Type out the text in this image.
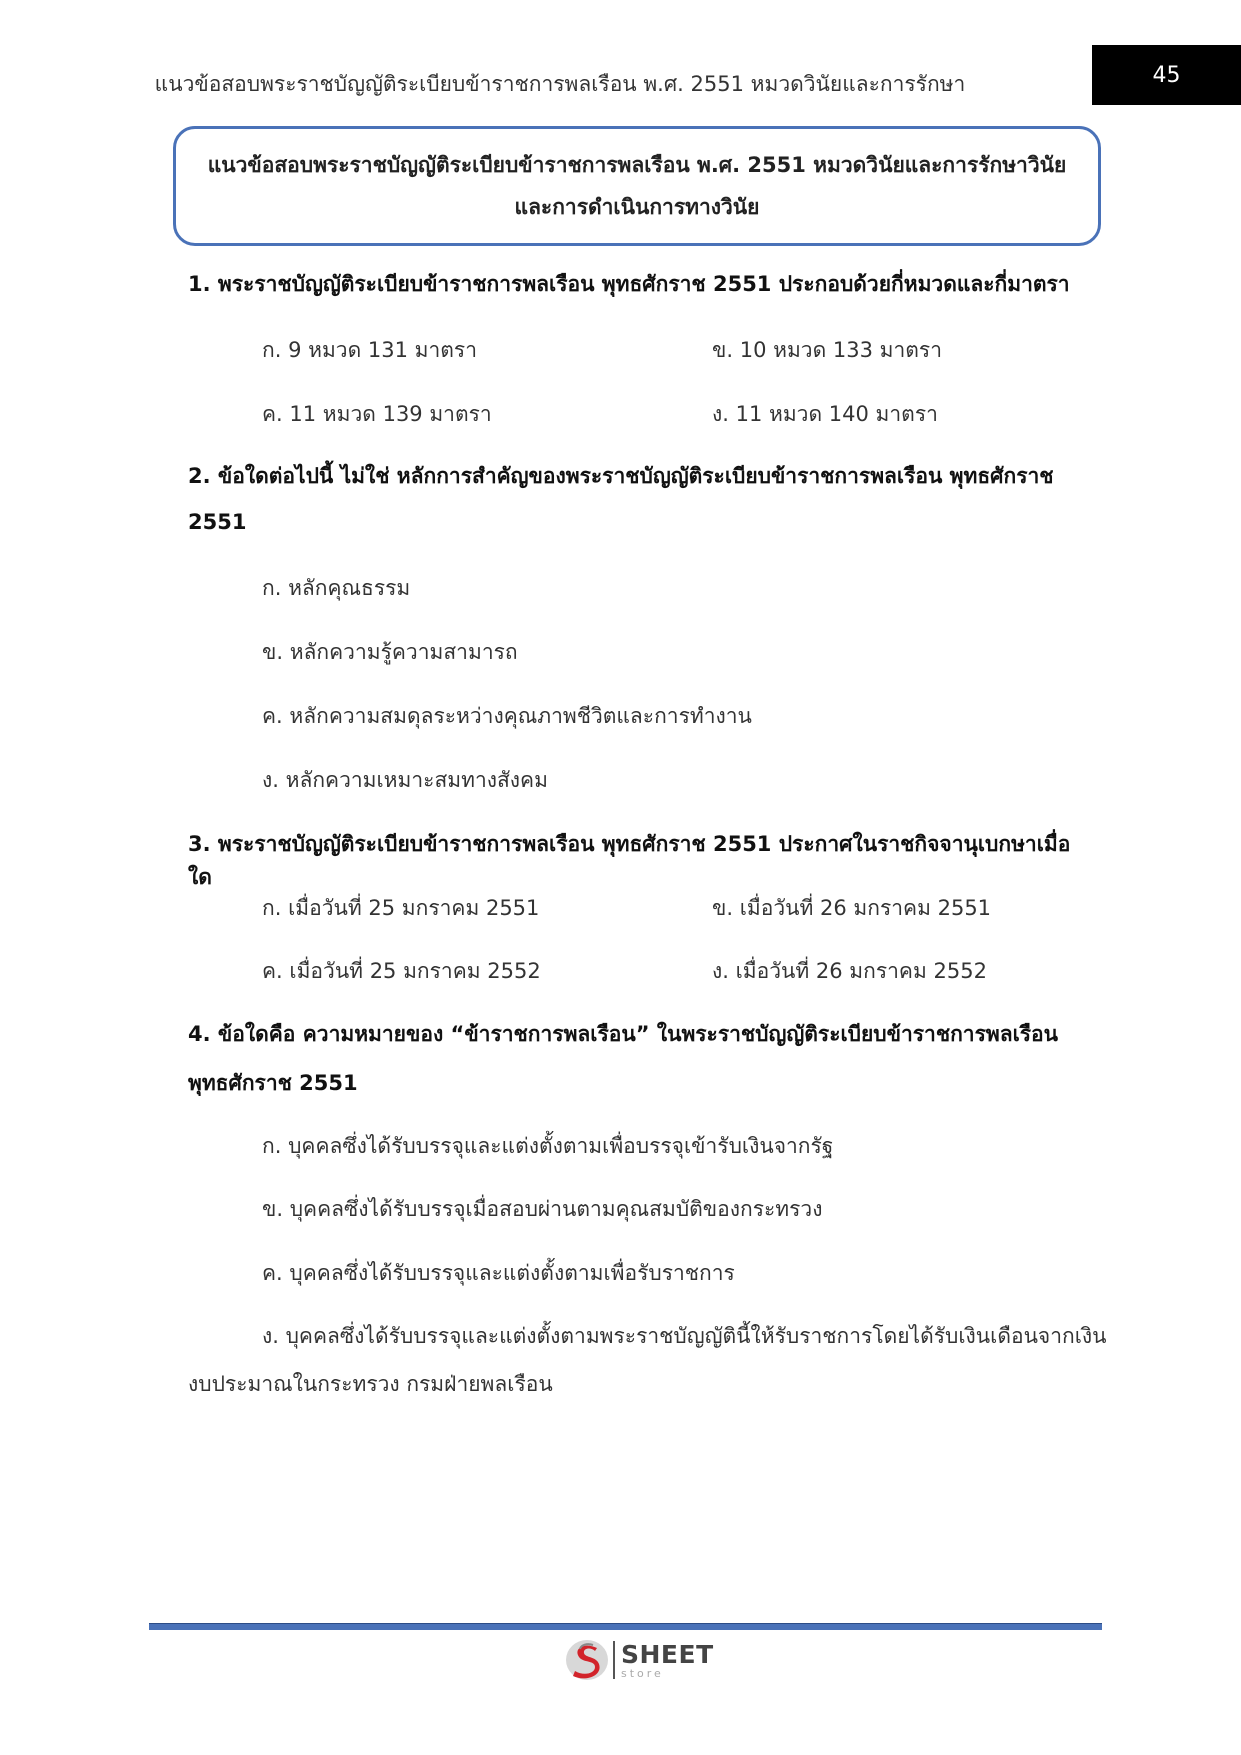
แนวข้อสอบพระราชบัญญัติระเบียบข้าราชการพลเรือน พ.ศ. 2551 หมวดวินัยและการรักษา	45
แนวข้อสอบพระราชบัญญัติระเบียบข้าราชการพลเรือน พ.ศ. 2551 หมวดวินัยและการรักษาวินัย
และการดำเนินการทางวินัย
1. พระราชบัญญัติระเบียบข้าราชการพลเรือน พุทธศักราช 2551 ประกอบด้วยกี่หมวดและกี่มาตรา
ก. 9 หมวด 131 มาตรา	ข. 10 หมวด 133 มาตรา
ค. 11 หมวด 139 มาตรา	ง. 11 หมวด 140 มาตรา
2. ข้อใดต่อไปนี้ ไม่ใช่ หลักการสำคัญของพระราชบัญญัติระเบียบข้าราชการพลเรือน พุทธศักราช
2551
ก. หลักคุณธรรม
ข. หลักความรู้ความสามารถ
ค. หลักความสมดุลระหว่างคุณภาพชีวิตและการทำงาน
ง. หลักความเหมาะสมทางสังคม
3. พระราชบัญญัติระเบียบข้าราชการพลเรือน พุทธศักราช 2551 ประกาศในราชกิจจานุเบกษาเมื่อใด
ก. เมื่อวันที่ 25 มกราคม 2551	ข. เมื่อวันที่ 26 มกราคม 2551
ค. เมื่อวันที่ 25 มกราคม 2552	ง. เมื่อวันที่ 26 มกราคม 2552
4. ข้อใดคือ ความหมายของ “ข้าราชการพลเรือน” ในพระราชบัญญัติระเบียบข้าราชการพลเรือน
พุทธศักราช 2551
ก. บุคคลซึ่งได้รับบรรจุและแต่งตั้งตามเพื่อบรรจุเข้ารับเงินจากรัฐ
ข. บุคคลซึ่งได้รับบรรจุเมื่อสอบผ่านตามคุณสมบัติของกระทรวง
ค. บุคคลซึ่งได้รับบรรจุและแต่งตั้งตามเพื่อรับราชการ
ง. บุคคลซึ่งได้รับบรรจุและแต่งตั้งตามพระราชบัญญัตินี้ให้รับราชการโดยได้รับเงินเดือนจากเงิน
งบประมาณในกระทรวง กรมฝ่ายพลเรือน
SHEET
store
